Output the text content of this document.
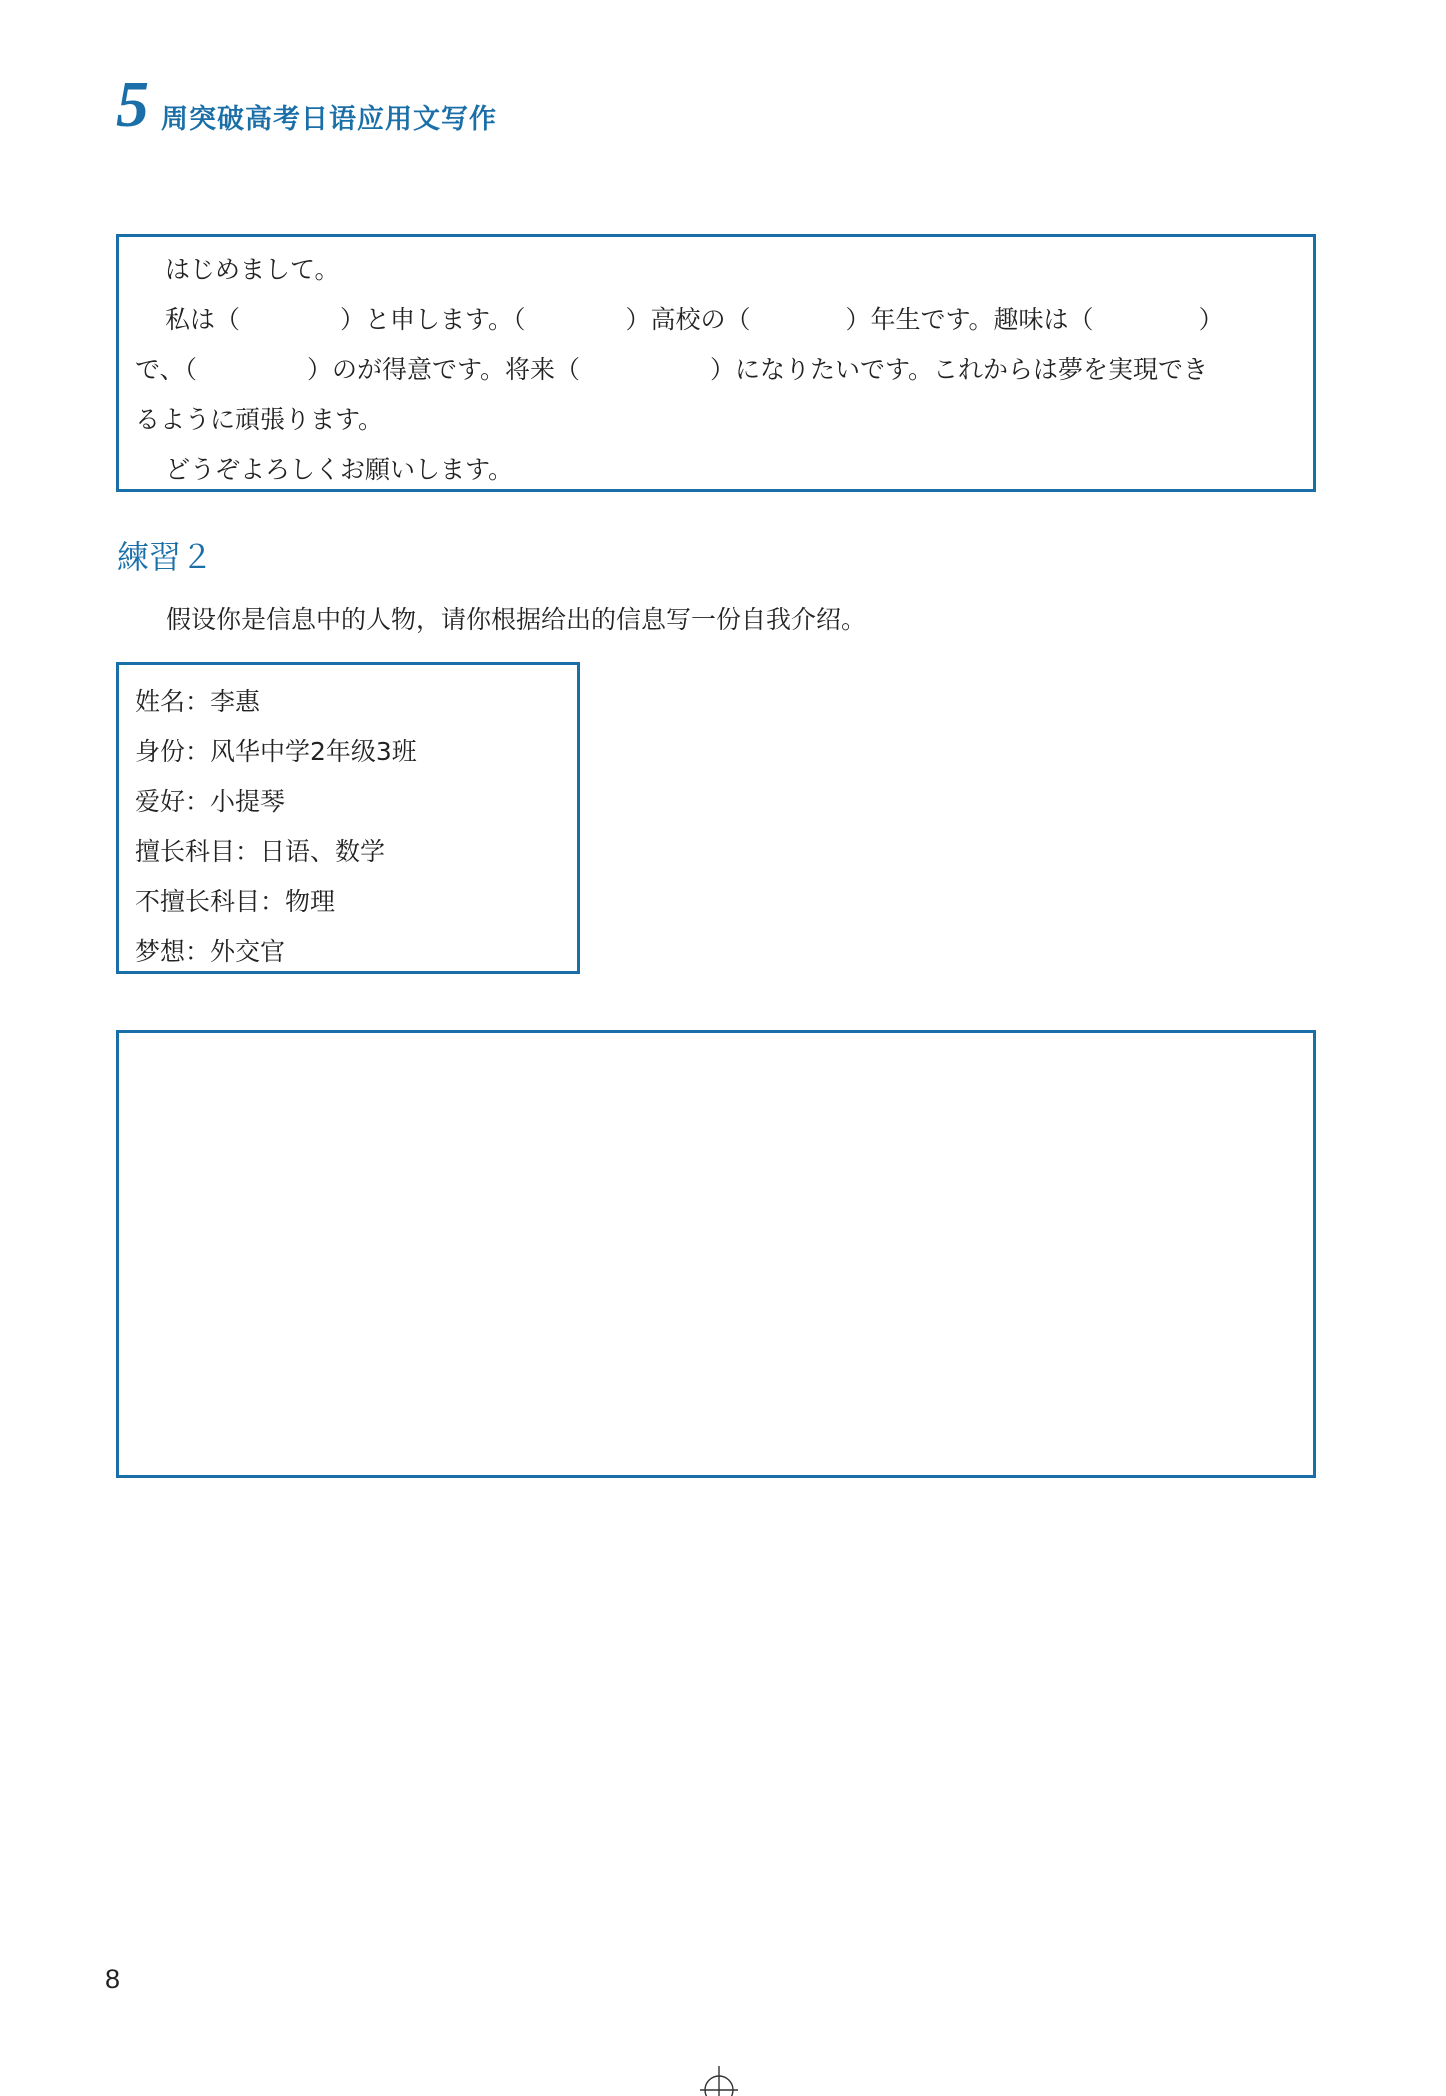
5 周突破高考日语应用文写作

はじめまして。

私は（	）と申します。（	）高校の（	）年生です。趣味は（	）

で、（	）のが得意です。将来（	）になりたいです。これからは夢を実現でき

るように頑張ります。

どうぞよろしくお願いします。

練習２

假设你是信息中的人物，请你根据给出的信息写一份自我介绍。

姓名：李惠
身份：风华中学2年级3班
爱好：小提琴
擅长科目：日语、数学
不擅长科目：物理
梦想：外交官
8
